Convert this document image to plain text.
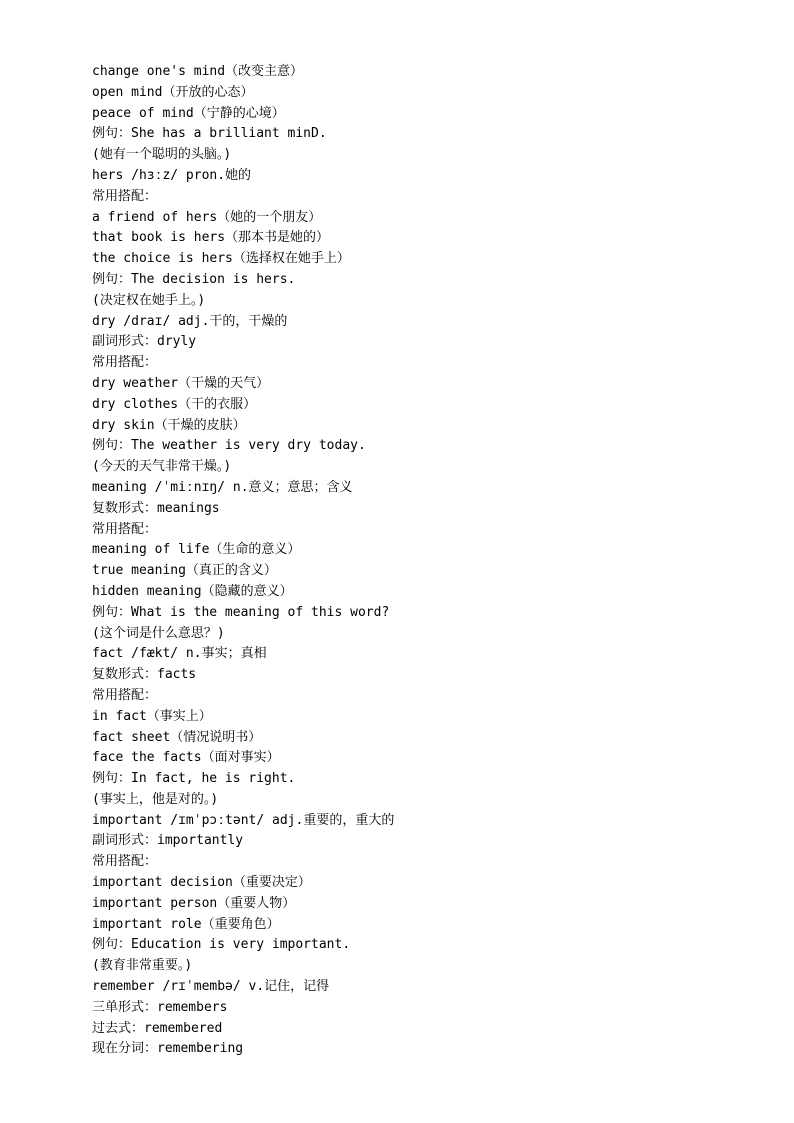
change one's mind（改变主意）
open mind（开放的心态）
peace of mind（宁静的心境）
例句：She has a brilliant minD.
(她有一个聪明的头脑。)
hers /hɜːz/ pron.她的
常用搭配：
a friend of hers（她的一个朋友）
that book is hers（那本书是她的）
the choice is hers（选择权在她手上）
例句：The decision is hers.
(决定权在她手上。)
dry /draɪ/ adj.干的，干燥的
副词形式：dryly
常用搭配：
dry weather（干燥的天气）
dry clothes（干的衣服）
dry skin（干燥的皮肤）
例句：The weather is very dry today.
(今天的天气非常干燥。)
meaning /ˈmiːnɪŋ/ n.意义；意思；含义
复数形式：meanings
常用搭配：
meaning of life（生命的意义）
true meaning（真正的含义）
hidden meaning（隐藏的意义）
例句：What is the meaning of this word?
(这个词是什么意思？)
fact /fækt/ n.事实；真相
复数形式：facts
常用搭配：
in fact（事实上）
fact sheet（情况说明书）
face the facts（面对事实）
例句：In fact, he is right.
(事实上，他是对的。)
important /ɪmˈpɔːtənt/ adj.重要的，重大的
副词形式：importantly
常用搭配：
important decision（重要决定）
important person（重要人物）
important role（重要角色）
例句：Education is very important.
(教育非常重要。)
remember /rɪˈmembə/ v.记住，记得
三单形式：remembers
过去式：remembered
现在分词：remembering
